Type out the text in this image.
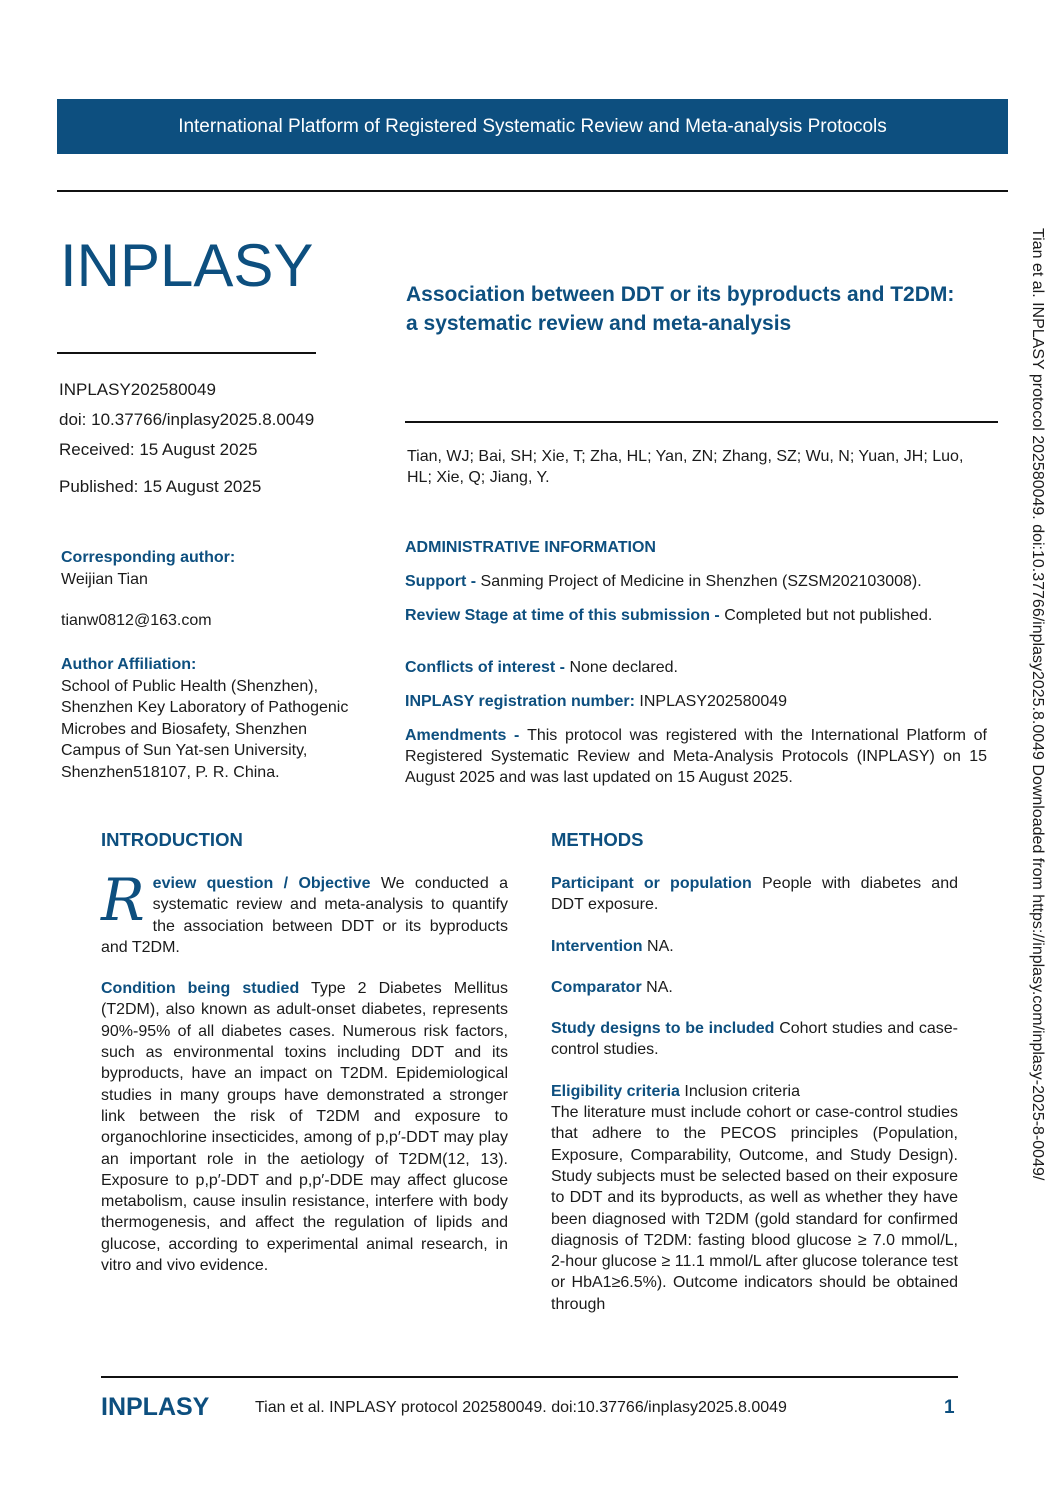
International Platform of Registered Systematic Review and Meta-analysis Protocols
INPLASY	Association between DDT or its byproducts and T2DM: a systematic review and meta-analysis
INPLASY202580049
doi: 10.37766/inplasy2025.8.0049
Received: 15 August 2025
Published: 15 August 2025
Tian, WJ; Bai, SH; Xie, T; Zha, HL; Yan, ZN; Zhang, SZ; Wu, N; Yuan, JH; Luo, HL; Xie, Q; Jiang, Y.
Corresponding author:
Weijian Tian
tianw0812@163.com
Author Affiliation:
School of Public Health (Shenzhen), Shenzhen Key Laboratory of Pathogenic Microbes and Biosafety, Shenzhen Campus of Sun Yat-sen University, Shenzhen518107, P. R. China.
ADMINISTRATIVE INFORMATION
Support - Sanming Project of Medicine in Shenzhen (SZSM202103008).
Review Stage at time of this submission - Completed but not published.
Conflicts of interest - None declared.
INPLASY registration number: INPLASY202580049
Amendments - This protocol was registered with the International Platform of Registered Systematic Review and Meta-Analysis Protocols (INPLASY) on 15 August 2025 and was last updated on 15 August 2025.
INTRODUCTION	METHODS

Review question / Objective We conducted a systematic review and meta-analysis to quantify the association between DDT or its byproducts and T2DM.

Condition being studied Type 2 Diabetes Mellitus (T2DM), also known as adult-onset diabetes, represents 90%-95% of all diabetes cases. Numerous risk factors, such as environmental toxins including DDT and its byproducts, have an impact on T2DM. Epidemiological studies in many groups have demonstrated a stronger link between the risk of T2DM and exposure to organochlorine insecticides, among of p,p′-DDT may play an important role in the aetiology of T2DM(12, 13). Exposure to p,p′-DDT and p,p′-DDE may affect glucose metabolism, cause insulin resistance, interfere with body thermogenesis, and affect the regulation of lipids and glucose, according to experimental animal research, in vitro and vivo evidence.

Participant or population People with diabetes and DDT exposure.

Intervention NA.

Comparator NA.

Study designs to be included Cohort studies and case-control studies.

Eligibility criteria Inclusion criteria

The literature must include cohort or case-control studies that adhere to the PECOS principles (Population, Exposure, Comparability, Outcome, and Study Design). Study subjects must be selected based on their exposure to DDT and its byproducts, as well as whether they have been diagnosed with T2DM (gold standard for confirmed diagnosis of T2DM: fasting blood glucose ≥ 7.0 mmol/L, 2-hour glucose ≥ 11.1 mmol/L after glucose tolerance test or HbA1≥6.5%). Outcome indicators should be obtained through

Tian et al. INPLASY protocol 202580049. doi:10.37766/inplasy2025.8.0049 Downloaded from https://inplasy.com/inplasy-2025-8-0049/
INPLASY	Tian et al. INPLASY protocol 202580049. doi:10.37766/inplasy2025.8.0049	1
